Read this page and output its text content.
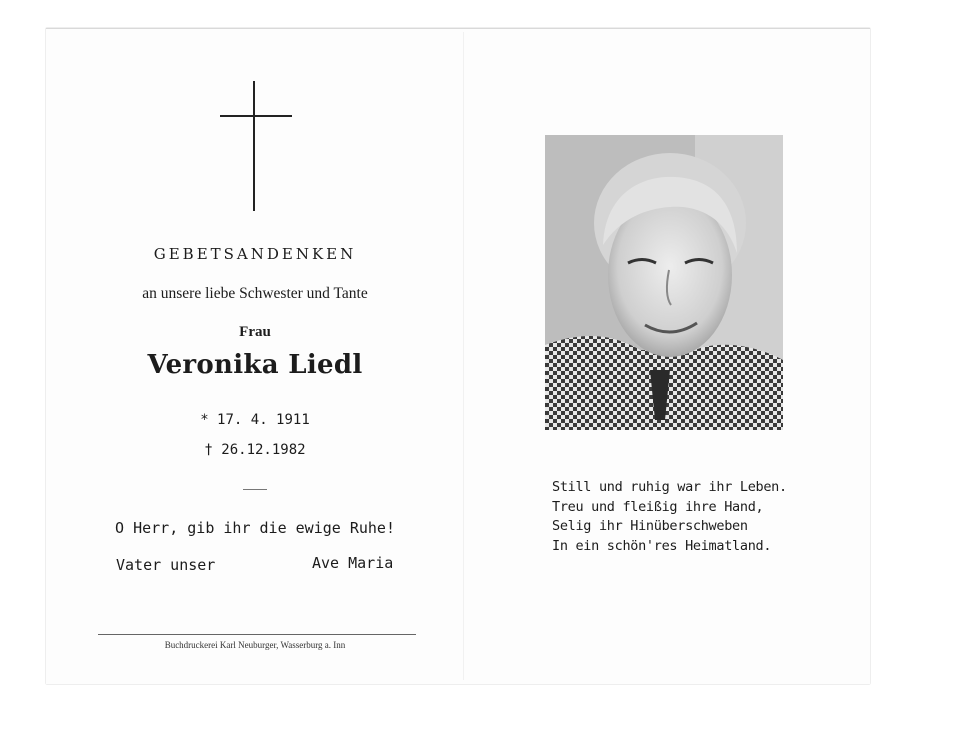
GEBETSANDENKEN
an unsere liebe Schwester und Tante
Frau
Veronika Liedl
* 17. 4. 1911
† 26.12.1982
O Herr, gib ihr die ewige Ruhe!
Vater unser	Ave Maria
Buchdruckerei Karl Neuburger, Wasserburg a. Inn
Still und ruhig war ihr Leben.
Treu und fleißig ihre Hand,
Selig ihr Hinüberschweben
In ein schön'res Heimatland.
